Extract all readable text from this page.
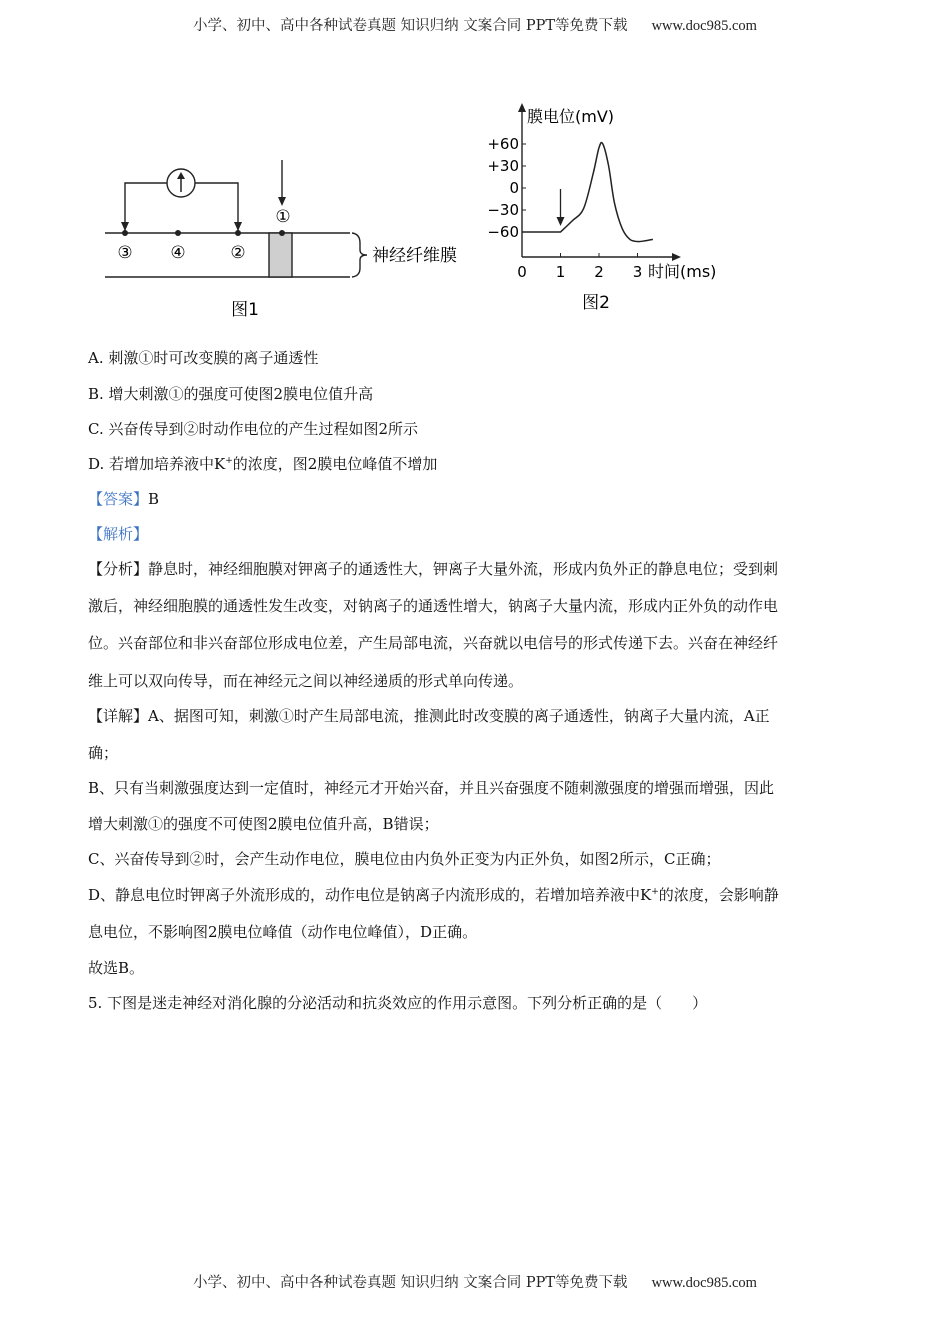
小学、初中、高中各种试卷真题 知识归纳 文案合同 PPT等免费下载 www.doc985.com
③ ④	②
①
神经纤维膜
图1
膜电位(mV)
+60
+30
0
−30
−60
0 1 2 3 时间(ms)
图2
A. 刺激①时可改变膜的离子通透性
B. 增大刺激①的强度可使图2膜电位值升高
C. 兴奋传导到②时动作电位的产生过程如图2所示
D. 若增加培养液中K+的浓度，图2膜电位峰值不增加
【答案】B
【解析】
【分析】静息时，神经细胞膜对钾离子的通透性大，钾离子大量外流，形成内负外正的静息电位；受到刺
激后，神经细胞膜的通透性发生改变，对钠离子的通透性增大，钠离子大量内流，形成内正外负的动作电
位。兴奋部位和非兴奋部位形成电位差，产生局部电流，兴奋就以电信号的形式传递下去。兴奋在神经纤
维上可以双向传导，而在神经元之间以神经递质的形式单向传递。
【详解】A、据图可知，刺激①时产生局部电流，推测此时改变膜的离子通透性，钠离子大量内流，A正
确；
B、只有当刺激强度达到一定值时，神经元才开始兴奋，并且兴奋强度不随刺激强度的增强而增强，因此
增大刺激①的强度不可使图2膜电位值升高，B错误；
C、兴奋传导到②时，会产生动作电位，膜电位由内负外正变为内正外负，如图2所示，C正确；
D、静息电位时钾离子外流形成的，动作电位是钠离子内流形成的，若增加培养液中K+的浓度，会影响静
息电位，不影响图2膜电位峰值（动作电位峰值），D正确。
故选B。
5. 下图是迷走神经对消化腺的分泌活动和抗炎效应的作用示意图。下列分析正确的是（　　）
小学、初中、高中各种试卷真题 知识归纳 文案合同 PPT等免费下载 www.doc985.com
